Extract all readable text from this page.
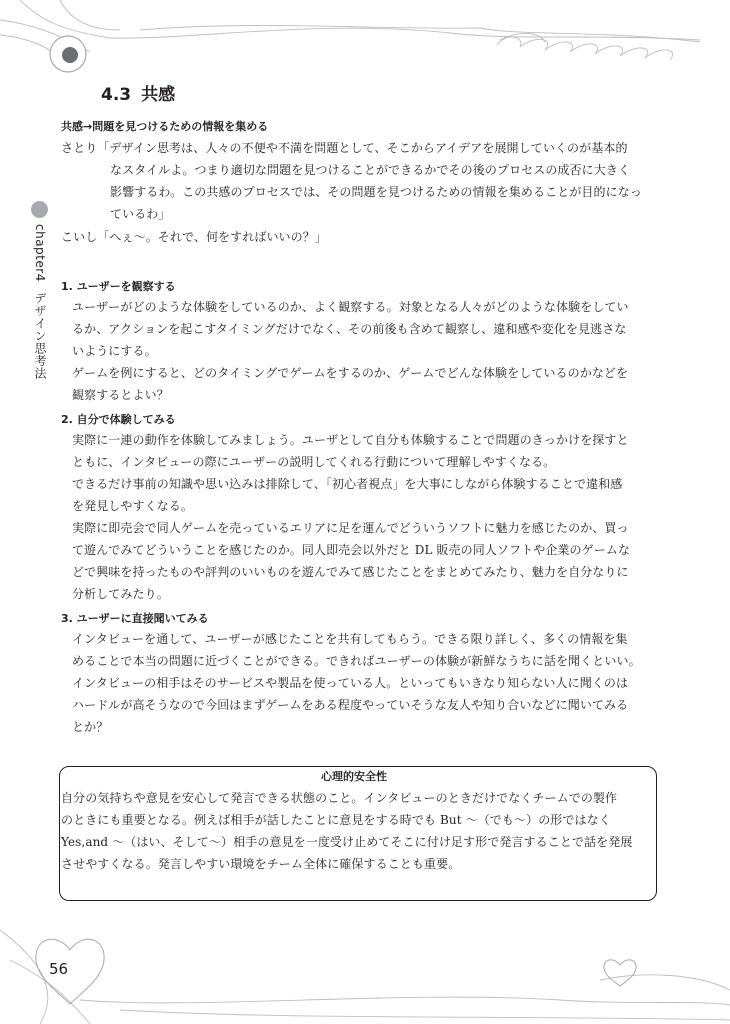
4.3 共感
chapter4デザイン思考法
共感→問題を見つけるための情報を集める
さとり「デザイン思考は、人々の不便や不満を問題として、そこからアイデアを展開していくのが基本的
なスタイルよ。つまり適切な問題を見つけることができるかでその後のプロセスの成否に大きく
影響するわ。この共感のプロセスでは、その問題を見つけるための情報を集めることが目的になっ
ているわ」
こいし「へぇ～。それで、何をすればいいの？」
1. ユーザーを観察する
ユーザーがどのような体験をしているのか、よく観察する。対象となる人々がどのような体験をしてい
るか、アクションを起こすタイミングだけでなく、その前後も含めて観察し、違和感や変化を見逃さな
いようにする。
ゲームを例にすると、どのタイミングでゲームをするのか、ゲームでどんな体験をしているのかなどを
観察するとよい？
2. 自分で体験してみる
実際に一連の動作を体験してみましょう。ユーザとして自分も体験することで問題のきっかけを探すと
ともに、インタビューの際にユーザーの説明してくれる行動について理解しやすくなる。
できるだけ事前の知識や思い込みは排除して、「初心者視点」を大事にしながら体験することで違和感
を発見しやすくなる。
実際に即売会で同人ゲームを売っているエリアに足を運んでどういうソフトに魅力を感じたのか、買っ
て遊んでみてどういうことを感じたのか。同人即売会以外だと DL 販売の同人ソフトや企業のゲームな
どで興味を持ったものや評判のいいものを遊んでみて感じたことをまとめてみたり、魅力を自分なりに
分析してみたり。
3. ユーザーに直接聞いてみる
インタビューを通して、ユーザーが感じたことを共有してもらう。できる限り詳しく、多くの情報を集
めることで本当の問題に近づくことができる。できればユーザーの体験が新鮮なうちに話を聞くといい。
インタビューの相手はそのサービスや製品を使っている人。といってもいきなり知らない人に聞くのは
ハードルが高そうなので今回はまずゲームをある程度やっていそうな友人や知り合いなどに聞いてみる
とか？
心理的安全性
自分の気持ちや意見を安心して発言できる状態のこと。インタビューのときだけでなくチームでの製作
のときにも重要となる。例えば相手が話したことに意見をする時でも But ～（でも～）の形ではなく
Yes,and ～（はい、そして～）相手の意見を一度受け止めてそこに付け足す形で発言することで話を発展
させやすくなる。発言しやすい環境をチーム全体に確保することも重要。
56
